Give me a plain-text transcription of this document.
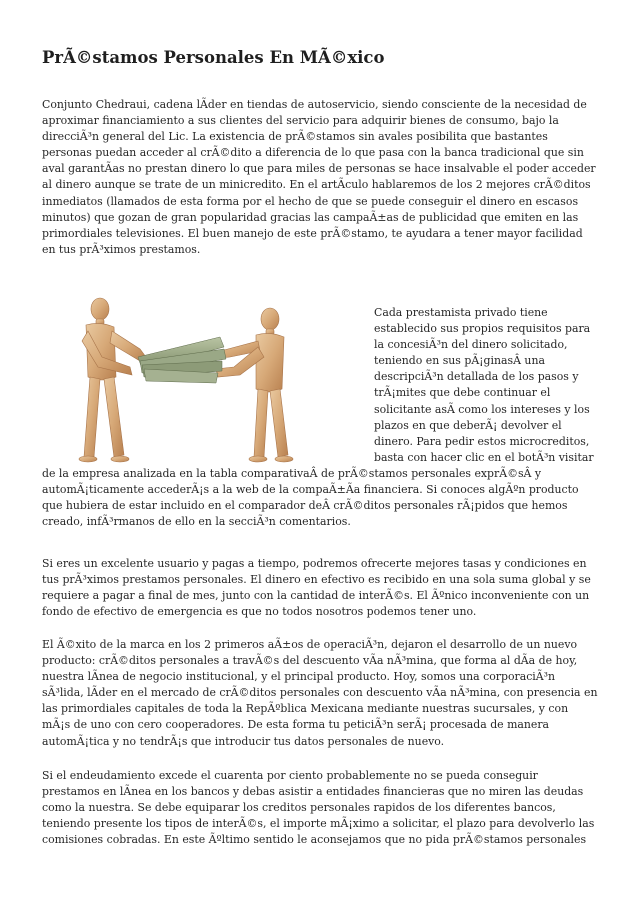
PrÃ©stamos Personales En MÃ©xico

Conjunto Chedraui, cadena lÃder en tiendas de autoservicio, siendo consciente de la necesidad de aproximar financiamiento a sus clientes del servicio para adquirir bienes de consumo, bajo la direcciÃ³n general del Lic. La existencia de prÃ©stamos sin avales posibilita que bastantes personas puedan acceder al crÃ©dito a diferencia de lo que pasa con la banca tradicional que sin aval garantÃas no prestan dinero lo que para miles de personas se hace insalvable el poder acceder al dinero aunque se trate de un minicredito. En el artÃculo hablaremos de los 2 mejores crÃ©ditos inmediatos (llamados de esta forma por el hecho de que se puede conseguir el dinero en escasos minutos) que gozan de gran popularidad gracias las campaÃ±as de publicidad que emiten en las primordiales televisiones. El buen manejo de este prÃ©stamo, te ayudara a tener mayor facilidad en tus prÃ³ximos prestamos.

Cada prestamista privado tiene establecido sus propios requisitos para la concesiÃ³n del dinero solicitado, teniendo en sus pÃ¡ginasÂ una descripciÃ³n detallada de los pasos y trÃ¡mites que debe continuar el solicitante asÃ como los intereses y los plazos en que deberÃ¡ devolver el dinero. Para pedir estos microcreditos, basta con hacer clic en el botÃ³n visitar de la empresa analizada en la tabla comparativaÂ de prÃ©stamos personales exprÃ©sÂ y automÃ¡ticamente accederÃ¡s a la web de la compaÃ±Ãa financiera. Si conoces algÃºn producto que hubiera de estar incluido en el comparador deÂ crÃ©ditos personales rÃ¡pidos que hemos creado, infÃ³rmanos de ello en la secciÃ³n comentarios.

Si eres un excelente usuario y pagas a tiempo, podremos ofrecerte mejores tasas y condiciones en tus prÃ³ximos prestamos personales. El dinero en efectivo es recibido en una sola suma global y se requiere a pagar a final de mes, junto con la cantidad de interÃ©s. El Ãºnico inconveniente con un fondo de efectivo de emergencia es que no todos nosotros podemos tener uno.

El Ã©xito de la marca en los 2 primeros aÃ±os de operaciÃ³n, dejaron el desarrollo de un nuevo producto: crÃ©ditos personales a travÃ©s del descuento vÃa nÃ³mina, que forma al dÃa de hoy, nuestra lÃnea de negocio institucional, y el principal producto. Hoy, somos una corporaciÃ³n sÃ³lida, lÃder en el mercado de crÃ©ditos personales con descuento vÃa nÃ³mina, con presencia en las primordiales capitales de toda la RepÃºblica Mexicana mediante nuestras sucursales, y con mÃ¡s de uno con cero cooperadores. De esta forma tu peticiÃ³n serÃ¡ procesada de manera automÃ¡tica y no tendrÃ¡s que introducir tus datos personales de nuevo.

Si el endeudamiento excede el cuarenta por ciento probablemente no se pueda conseguir prestamos en lÃnea en los bancos y debas asistir a entidades financieras que no miren las deudas como la nuestra. Se debe equiparar los creditos personales rapidos de los diferentes bancos, teniendo presente los tipos de interÃ©s, el importe mÃ¡ximo a solicitar, el plazo para devolverlo las comisiones cobradas. En este Ãºltimo sentido le aconsejamos que no pida prÃ©stamos personales
